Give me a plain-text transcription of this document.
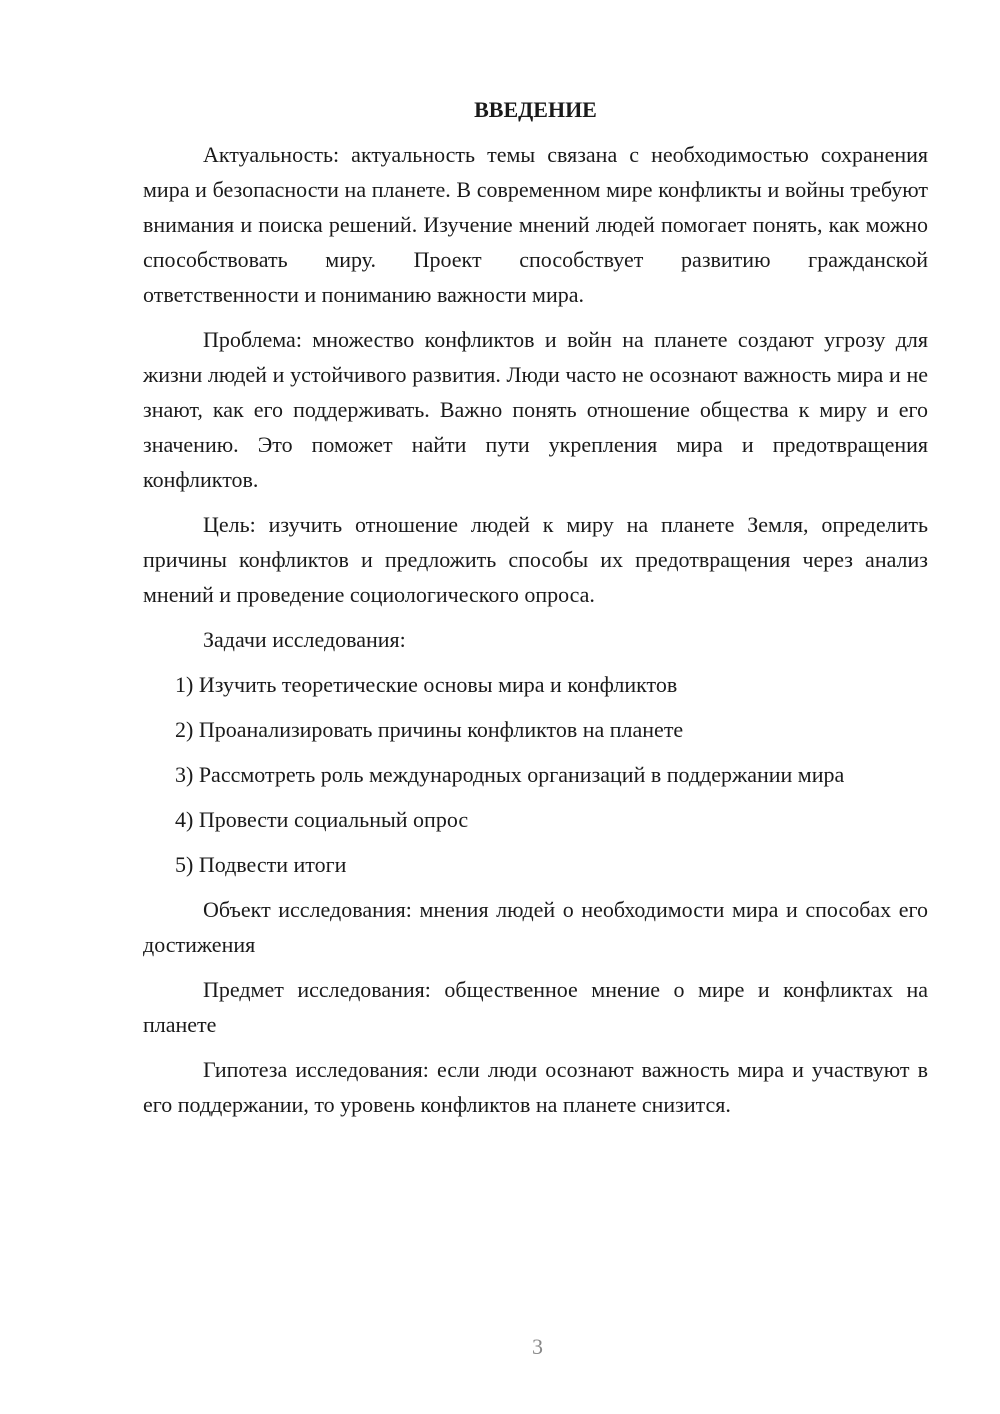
ВВЕДЕНИЕ

Актуальность: актуальность темы связана с необходимостью сохранения мира и безопасности на планете. В современном мире конфликты и войны требуют внимания и поиска решений. Изучение мнений людей помогает понять, как можно способствовать миру. Проект способствует развитию гражданской ответственности и пониманию важности мира.

Проблема: множество конфликтов и войн на планете создают угрозу для жизни людей и устойчивого развития. Люди часто не осознают важность мира и не знают, как его поддерживать. Важно понять отношение общества к миру и его значению. Это поможет найти пути укрепления мира и предотвращения конфликтов.

Цель: изучить отношение людей к миру на планете Земля, определить причины конфликтов и предложить способы их предотвращения через анализ мнений и проведение социологического опроса.

Задачи исследования:

1) Изучить теоретические основы мира и конфликтов

2) Проанализировать причины конфликтов на планете

3) Рассмотреть роль международных организаций в поддержании мира

4) Провести социальный опрос

5) Подвести итоги

Объект исследования: мнения людей о необходимости мира и способах его достижения

Предмет исследования: общественное мнение о мире и конфликтах на планете

Гипотеза исследования: если люди осознают важность мира и участвуют в его поддержании, то уровень конфликтов на планете снизится.

3
